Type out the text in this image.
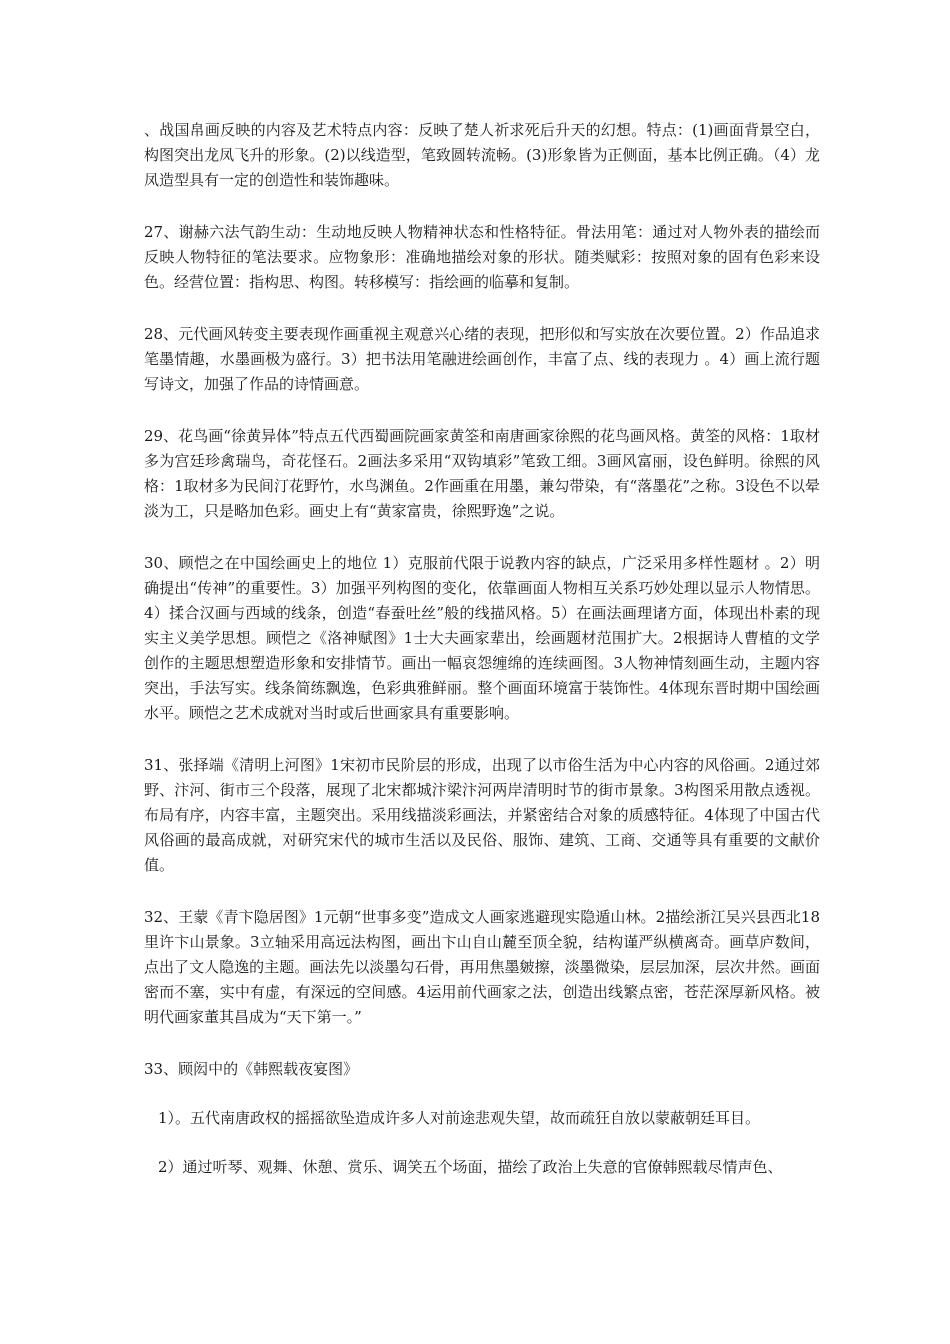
、战国帛画反映的内容及艺术特点内容：反映了楚人祈求死后升天的幻想。特点：(1)画面背景空白，构图突出龙凤飞升的形象。(2)以线造型，笔致圆转流畅。(3)形象皆为正侧面，基本比例正确。（4）龙凤造型具有一定的创造性和装饰趣味。

27、谢赫六法气韵生动：生动地反映人物精神状态和性格特征。骨法用笔：通过对人物外表的描绘而反映人物特征的笔法要求。应物象形：准确地描绘对象的形状。随类赋彩：按照对象的固有色彩来设色。经营位置：指构思、构图。转移模写：指绘画的临摹和复制。

28、元代画风转变主要表现作画重视主观意兴心绪的表现，把形似和写实放在次要位置。2）作品追求笔墨情趣，水墨画极为盛行。3）把书法用笔融进绘画创作，丰富了点、线的表现力 。4）画上流行题写诗文，加强了作品的诗情画意。

29、花鸟画“徐黄异体”特点五代西蜀画院画家黄筌和南唐画家徐熙的花鸟画风格。黄筌的风格：1取材多为宫廷珍禽瑞鸟，奇花怪石。2画法多采用“双钩填彩”笔致工细。3画风富丽，设色鲜明。徐熙的风格：1取材多为民间汀花野竹，水鸟渊鱼。2作画重在用墨，兼勾带染，有“落墨花”之称。3设色不以晕淡为工，只是略加色彩。画史上有“黄家富贵，徐熙野逸”之说。

30、顾恺之在中国绘画史上的地位 1）克服前代限于说教内容的缺点，广泛采用多样性题材 。2）明确提出“传神”的重要性。3）加强平列构图的变化，依靠画面人物相互关系巧妙处理以显示人物情思。4）揉合汉画与西域的线条，创造“春蚕吐丝”般的线描风格。5）在画法画理诸方面，体现出朴素的现实主义美学思想。顾恺之《洛神赋图》1士大夫画家辈出，绘画题材范围扩大。2根据诗人曹植的文学创作的主题思想塑造形象和安排情节。画出一幅哀怨缠绵的连续画图。3人物神情刻画生动，主题内容突出，手法写实。线条简练飘逸，色彩典雅鲜丽。整个画面环境富于装饰性。4体现东晋时期中国绘画水平。顾恺之艺术成就对当时或后世画家具有重要影响。

31、张择端《清明上河图》1宋初市民阶层的形成，出现了以市俗生活为中心内容的风俗画。2通过郊野、汴河、街市三个段落，展现了北宋都城汴梁汴河两岸清明时节的街市景象。3构图采用散点透视。布局有序，内容丰富，主题突出。采用线描淡彩画法，并紧密结合对象的质感特征。4体现了中国古代风俗画的最高成就，对研究宋代的城市生活以及民俗、服饰、建筑、工商、交通等具有重要的文献价值。

32、王蒙《青卞隐居图》1元朝“世事多变”造成文人画家逃避现实隐遁山林。2描绘浙江吴兴县西北18里许卞山景象。3立轴采用高远法构图，画出卞山自山麓至顶全貌，结构谨严纵横离奇。画草庐数间，点出了文人隐逸的主题。画法先以淡墨勾石骨，再用焦墨皴擦，淡墨微染，层层加深，层次井然。画面密而不塞，实中有虚，有深远的空间感。4运用前代画家之法，创造出线繁点密，苍茫深厚新风格。被明代画家董其昌成为“天下第一。”

33、顾闳中的《韩熙载夜宴图》

1）。五代南唐政权的摇摇欲坠造成许多人对前途悲观失望，故而疏狂自放以蒙蔽朝廷耳目。

2）通过听琴、观舞、休憩、赏乐、调笑五个场面，描绘了政治上失意的官僚韩熙载尽情声色、
